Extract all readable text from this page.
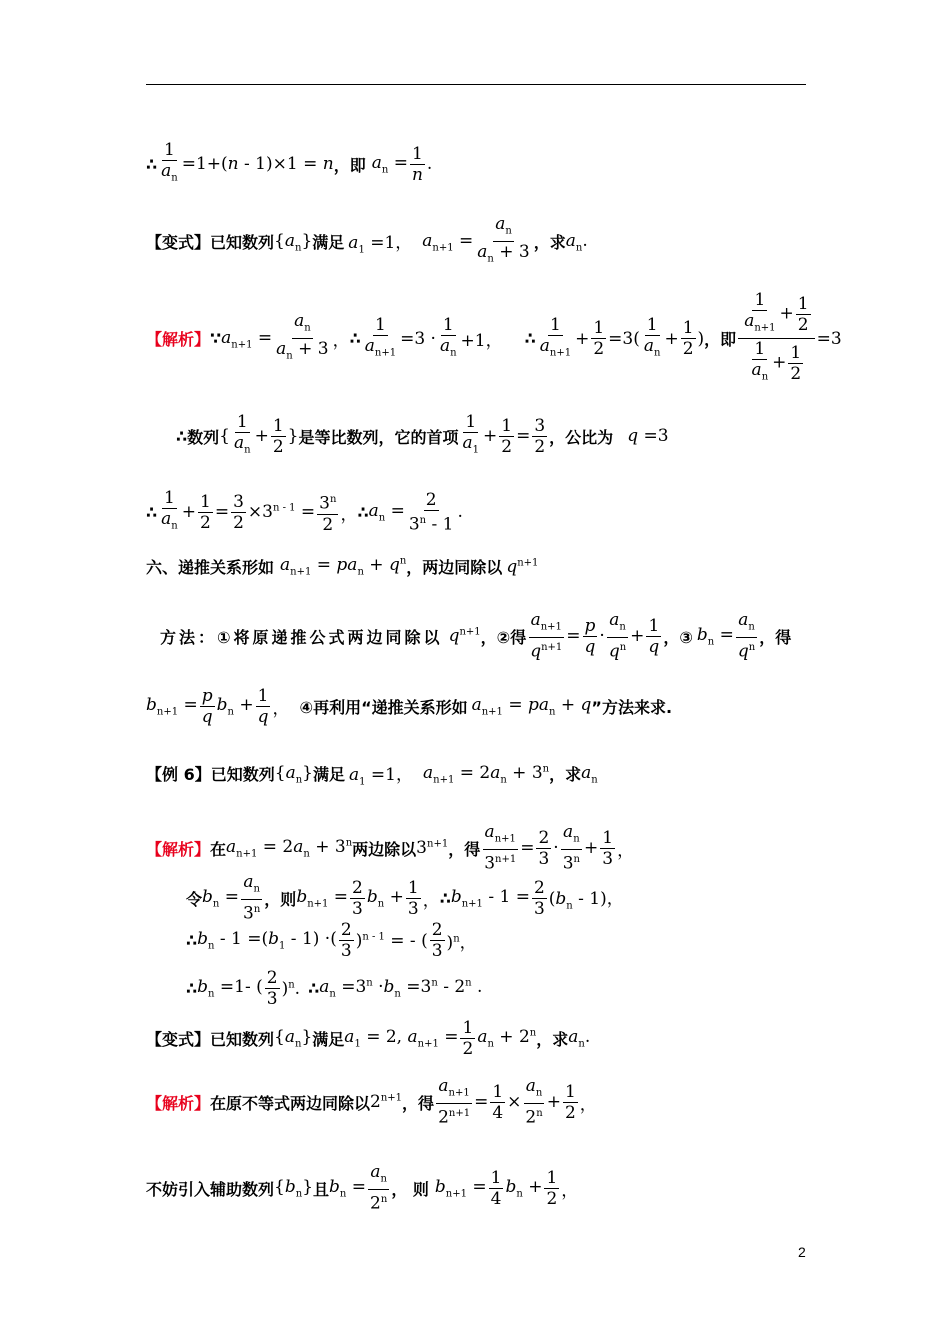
∴ $\frac{1}{a_n} =1+(n - 1)\times 1 = n$ ，即 $a_n = \frac{1}{n}$ .
【变式】 已知数列 $\{a_n\}$ 满足 $a_1 =1$， $a_{n+1} = \frac{a_n}{a_n + 3}$ ，求 $a_n$.
【解析】 ∵ $a_{n+1} = \frac{a_n}{a_n + 3}$ ， ∴ $\frac{1}{a_{n+1}} =3 \cdot \frac{1}{a_n} +1$， ∴ $\frac{1}{a_{n+1}} + \frac{1}{2} =3( \frac{1}{a_n} + \frac{1}{2}$ ) ，即 $\frac{\frac{1}{a_{n+1}} + \frac{1}{2}}{\frac{1}{a_n} + \frac{1}{2}} =3$
∴ 数列 { $\frac{1}{a_n} + \frac{1}{2}$ } 是等比数列，它的首项 $\frac{1}{a_1} + \frac{1}{2} = \frac{3}{2}$ ，公比为 q =3
∴ $\frac{1}{a_n} + \frac{1}{2} = \frac{3}{2} \times 3^{n - 1} = \frac{3^n}{2}$ ， ∴ $a_n = \frac{2}{3^n - 1}$ .
六、递推关系形如 $a_{n+1} = pa_n + q^n$ ，两边同除以 $q^{n+1}$
方法：①将原递推公式两边同除以 $q^{n+1}$ ，②得 $\frac{a_{n+1}}{q^{n+1}} = \frac{p}{q} \cdot \frac{a_n}{q^n} + \frac{1}{q}$ ，③ $b_n = \frac{a_n}{q^n}$ ，得
$b_{n+1} = \frac{p}{q} b_n + \frac{1}{q}$ ， ④再利用“递推关系形如 $a_{n+1} = pa_n + q$ ”方法来求.
【例 6】 已知数列 $\{a_n\}$ 满足 $a_1 =1$， $a_{n+1} = 2a_n + 3^n$ ，求 $a_n$
【解析】 在 $a_{n+1} = 2a_n + 3^n$ 两边除以 $3^{n+1}$ ，得 $\frac{a_{n+1}}{3^{n+1}} = \frac{2}{3} \cdot \frac{a_n}{3^n} + \frac{1}{3}$ ，
令 $b_n = \frac{a_n}{3^n}$ ，则 $b_{n+1} = \frac{2}{3} b_n + \frac{1}{3}$ ， ∴ $b_{n+1} - 1 = \frac{2}{3} (b_n - 1)$，
∴ $b_n - 1 =(b_1 - 1)$ ·( $\frac{2}{3} )^{n - 1}$ = - ( $\frac{2}{3} )^n$，
∴ $b_n =1-$ ( $\frac{2}{3} )^n$. ∴ $a_n =3^n \cdot b_n =3^n - 2^n$ .
【变式】 已知数列 $\{a_n\}$ 满足 $a_1 = 2$, $a_{n+1} = \frac{1}{2} a_n + 2^n$ ，求 $a_n$.
【解析】 在原不等式两边同除以 $2^{n+1}$ ，得 $\frac{a_{n+1}}{2^{n+1}} = \frac{1}{4} \times \frac{a_n}{2^n} + \frac{1}{2}$ ，
不妨引入辅助数列 $\{b_n\}$ 且 $b_n = \frac{a_n}{2^n}$ ， 则 $b_{n+1} = \frac{1}{4} b_n + \frac{1}{2}$ ，
2
